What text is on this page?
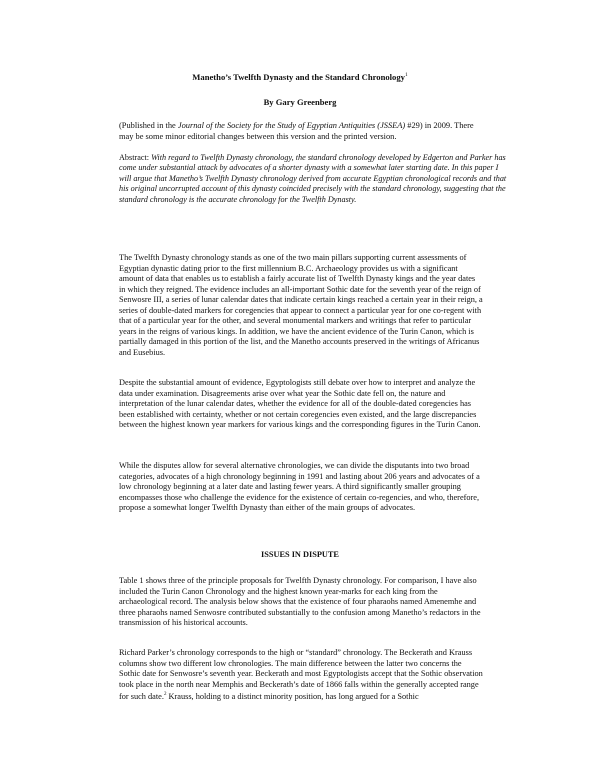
Manetho’s Twelfth Dynasty and the Standard Chronology$^1$
By Gary Greenberg
(Published in the Journal of the Society for the Study of Egyptian Antiquities (JSSEA) #29) in 2009. There may be some minor editorial changes between this version and the printed version.
Abstract: With regard to Twelfth Dynasty chronology, the standard chronology developed by Edgerton and Parker has come under substantial attack by advocates of a shorter dynasty with a somewhat later starting date. In this paper I will argue that Manetho’s Twelfth Dynasty chronology derived from accurate Egyptian chronological records and that his original uncorrupted account of this dynasty coincided precisely with the standard chronology, suggesting that the standard chronology is the accurate chronology for the Twelfth Dynasty.
The Twelfth Dynasty chronology stands as one of the two main pillars supporting current assessments of Egyptian dynastic dating prior to the first millennium B.C. Archaeology provides us with a significant amount of data that enables us to establish a fairly accurate list of Twelfth Dynasty kings and the year dates in which they reigned. The evidence includes an all-important Sothic date for the seventh year of the reign of Senwosre III, a series of lunar calendar dates that indicate certain kings reached a certain year in their reign, a series of double-dated markers for coregencies that appear to connect a particular year for one co-regent with that of a particular year for the other, and several monumental markers and writings that refer to particular years in the reigns of various kings. In addition, we have the ancient evidence of the Turin Canon, which is partially damaged in this portion of the list, and the Manetho accounts preserved in the writings of Africanus and Eusebius.
Despite the substantial amount of evidence, Egyptologists still debate over how to interpret and analyze the data under examination. Disagreements arise over what year the Sothic date fell on, the nature and interpretation of the lunar calendar dates, whether the evidence for all of the double-dated coregencies has been established with certainty, whether or not certain coregencies even existed, and the large discrepancies between the highest known year markers for various kings and the corresponding figures in the Turin Canon.
While the disputes allow for several alternative chronologies, we can divide the disputants into two broad categories, advocates of a high chronology beginning in 1991 and lasting about 206 years and advocates of a low chronology beginning at a later date and lasting fewer years. A third significantly smaller grouping encompasses those who challenge the evidence for the existence of certain co-regencies, and who, therefore, propose a somewhat longer Twelfth Dynasty than either of the main groups of advocates.
ISSUES IN DISPUTE
Table 1 shows three of the principle proposals for Twelfth Dynasty chronology. For comparison, I have also included the Turin Canon Chronology and the highest known year-marks for each king from the archaeological record. The analysis below shows that the existence of four pharaohs named Amenemhe and three pharaohs named Senwosre contributed substantially to the confusion among Manetho’s redactors in the transmission of his historical accounts.
Richard Parker’s chronology corresponds to the high or “standard” chronology. The Beckerath and Krauss columns show two different low chronologies. The main difference between the latter two concerns the Sothic date for Senwosre’s seventh year. Beckerath and most Egyptologists accept that the Sothic observation took place in the north near Memphis and Beckerath’s date of 1866 falls within the generally accepted range for such date.$^2$ Krauss, holding to a distinct minority position, has long argued for a Sothic
